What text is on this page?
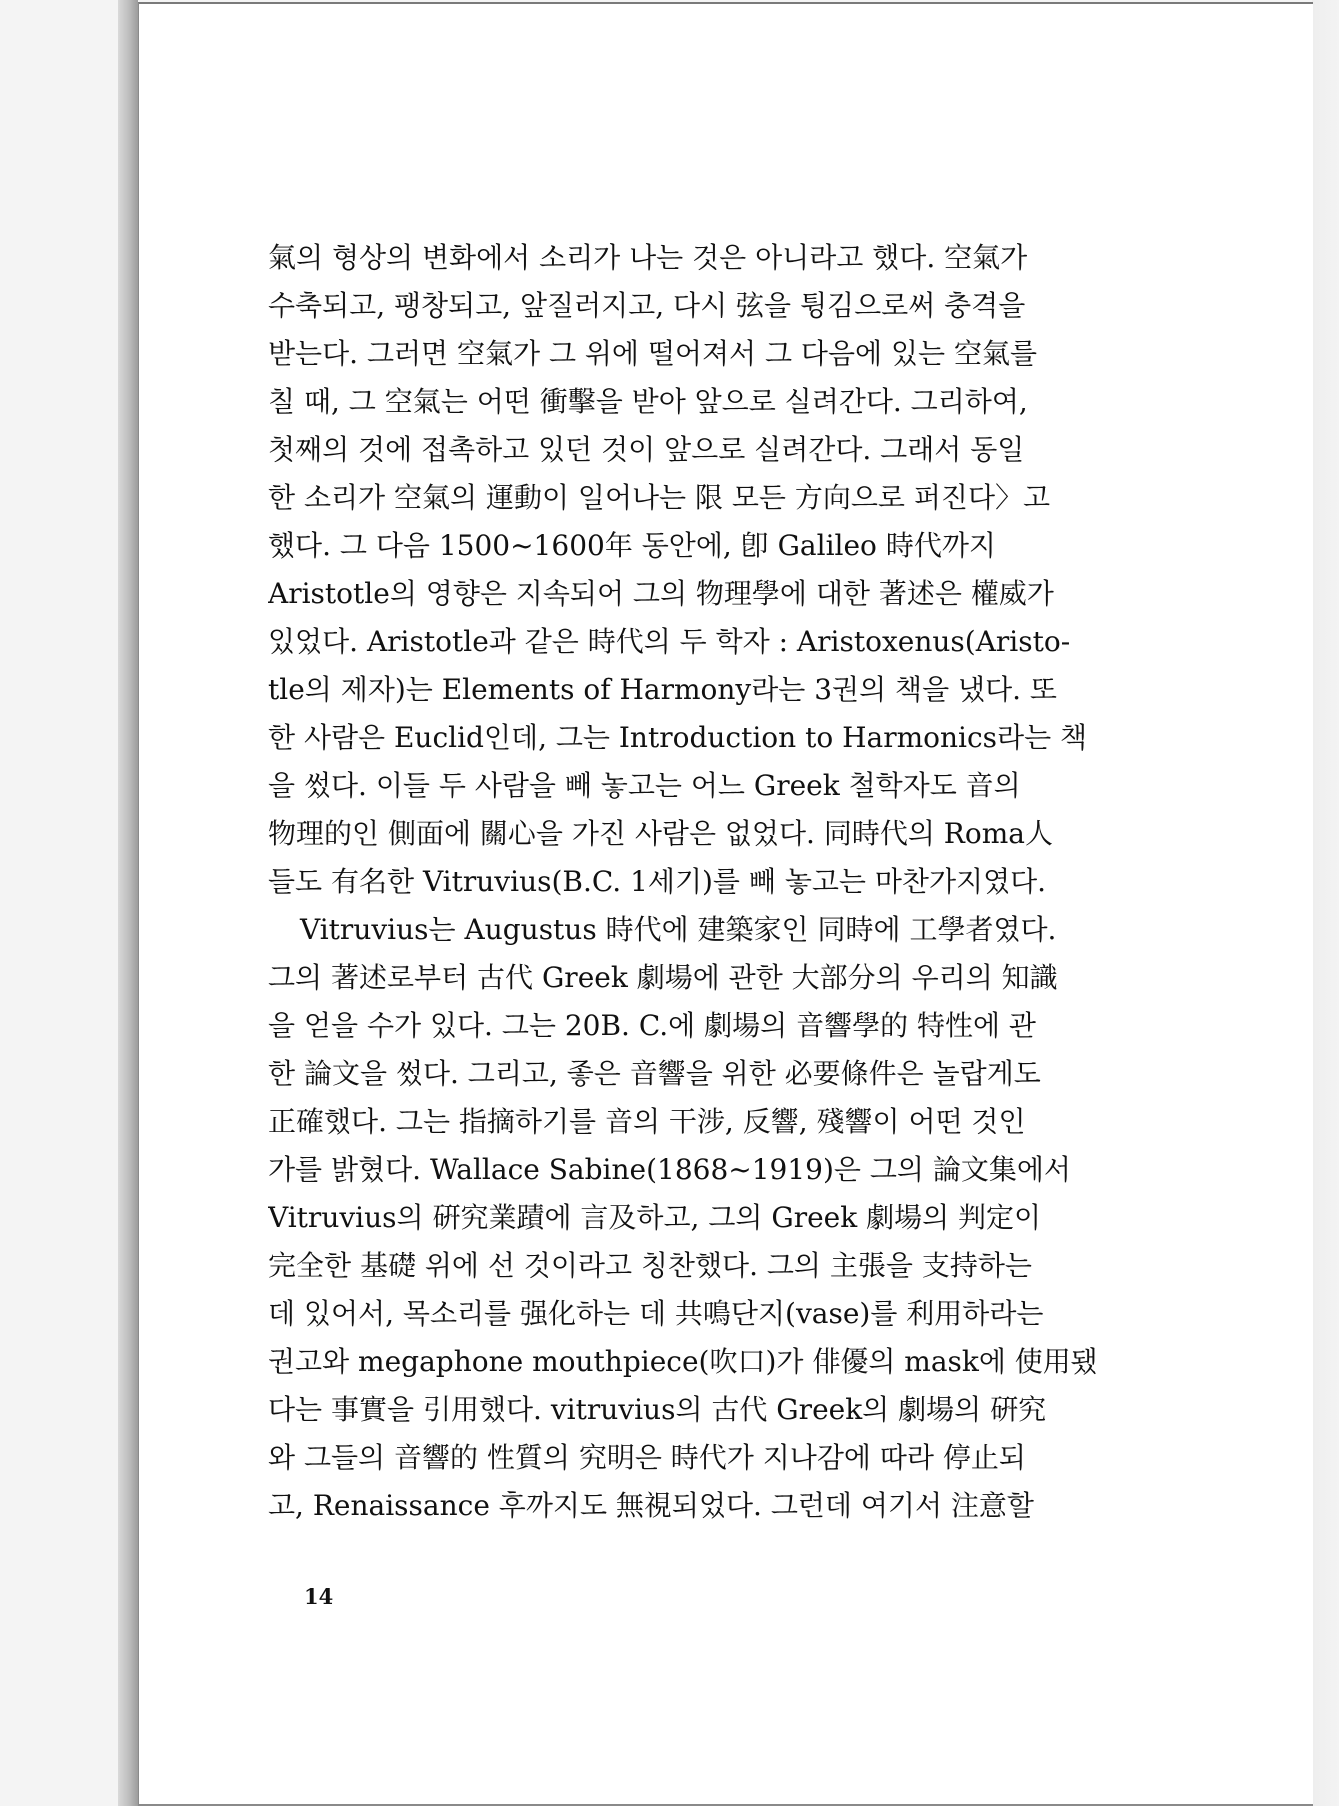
氣의 형상의 변화에서 소리가 나는 것은 아니라고 했다. 空氣가
수축되고, 팽창되고, 앞질러지고, 다시 弦을 튕김으로써 충격을
받는다. 그러면 空氣가 그 위에 떨어져서 그 다음에 있는 空氣를
칠 때, 그 空氣는 어떤 衝擊을 받아 앞으로 실려간다. 그리하여,
첫째의 것에 접촉하고 있던 것이 앞으로 실려간다. 그래서 동일
한 소리가 空氣의 運動이 일어나는 限 모든 方向으로 퍼진다〉고
했다. 그 다음 1500~1600年 동안에, 卽 Galileo 時代까지
Aristotle의 영향은 지속되어 그의 物理學에 대한 著述은 權威가
있었다. Aristotle과 같은 時代의 두 학자 : Aristoxenus(Aristo-
tle의 제자)는 Elements of Harmony라는 3권의 책을 냈다. 또
한 사람은 Euclid인데, 그는 Introduction to Harmonics라는 책
을 썼다. 이들 두 사람을 빼 놓고는 어느 Greek 철학자도 音의
物理的인 側面에 關心을 가진 사람은 없었다. 同時代의 Roma人
들도 有名한 Vitruvius(B.C. 1세기)를 빼 놓고는 마찬가지였다.
Vitruvius는 Augustus 時代에 建築家인 同時에 工學者였다.
그의 著述로부터 古代 Greek 劇場에 관한 大部分의 우리의 知識
을 얻을 수가 있다. 그는 20B. C.에 劇場의 音響學的 特性에 관
한 論文을 썼다. 그리고, 좋은 音響을 위한 必要條件은 놀랍게도
正確했다. 그는 指摘하기를 音의 干涉, 反響, 殘響이 어떤 것인
가를 밝혔다. Wallace Sabine(1868~1919)은 그의 論文集에서
Vitruvius의 硏究業蹟에 言及하고, 그의 Greek 劇場의 判定이
完全한 基礎 위에 선 것이라고 칭찬했다. 그의 主張을 支持하는
데 있어서, 목소리를 强化하는 데 共鳴단지(vase)를 利用하라는
권고와 megaphone mouthpiece(吹口)가 俳優의 mask에 使用됐
다는 事實을 引用했다. vitruvius의 古代 Greek의 劇場의 硏究
와 그들의 音響的 性質의 究明은 時代가 지나감에 따라 停止되
고, Renaissance 후까지도 無視되었다. 그런데 여기서 注意할
14
